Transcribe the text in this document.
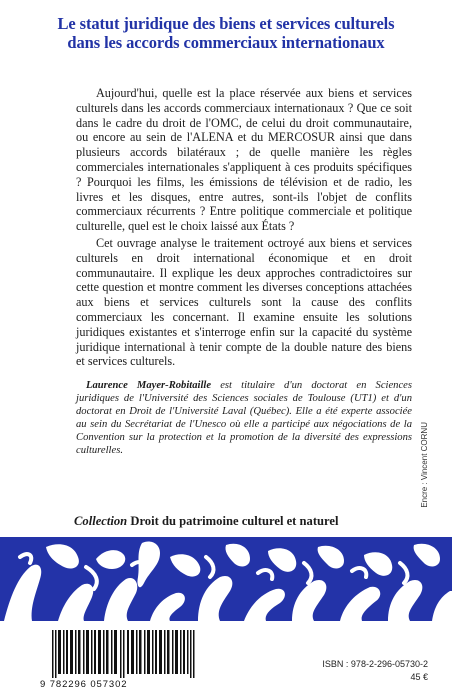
Le statut juridique des biens et services culturels
dans les accords commerciaux internationaux

Aujourd'hui, quelle est la place réservée aux biens et services culturels dans les accords commerciaux internationaux ? Que ce soit dans le cadre du droit de l'OMC, de celui du droit communautaire, ou encore au sein de l'ALENA et du MERCOSUR ainsi que dans plusieurs accords bilatéraux ; de quelle manière les règles commerciales internationales s'appliquent à ces produits spécifiques ? Pourquoi les films, les émissions de télévision et de radio, les livres et les disques, entre autres, sont-ils l'objet de conflits commerciaux récurrents ? Entre politique commerciale et politique culturelle, quel est le choix laissé aux États ?

Cet ouvrage analyse le traitement octroyé aux biens et services culturels en droit international économique et en droit communautaire. Il explique les deux approches contradictoires sur cette question et montre comment les diverses conceptions attachées aux biens et services culturels sont la cause des conflits commerciaux les concernant. Il examine ensuite les solutions juridiques existantes et s'interroge enfin sur la capacité du système juridique international à tenir compte de la double nature des biens et services culturels.

Laurence Mayer-Robitaille est titulaire d'un doctorat en Sciences juridiques de l'Université des Sciences sociales de Toulouse (UT1) et d'un doctorat en Droit de l'Université Laval (Québec). Elle a été experte associée au sein du Secrétariat de l'Unesco où elle a participé aux négociations de la Convention sur la protection et la promotion de la diversité des expressions culturelles.	Encre : Vincent CORNU
Collection Droit du patrimoine culturel et naturel
9 782296 057302
ISBN : 978-2-296-05730-2
45 €
